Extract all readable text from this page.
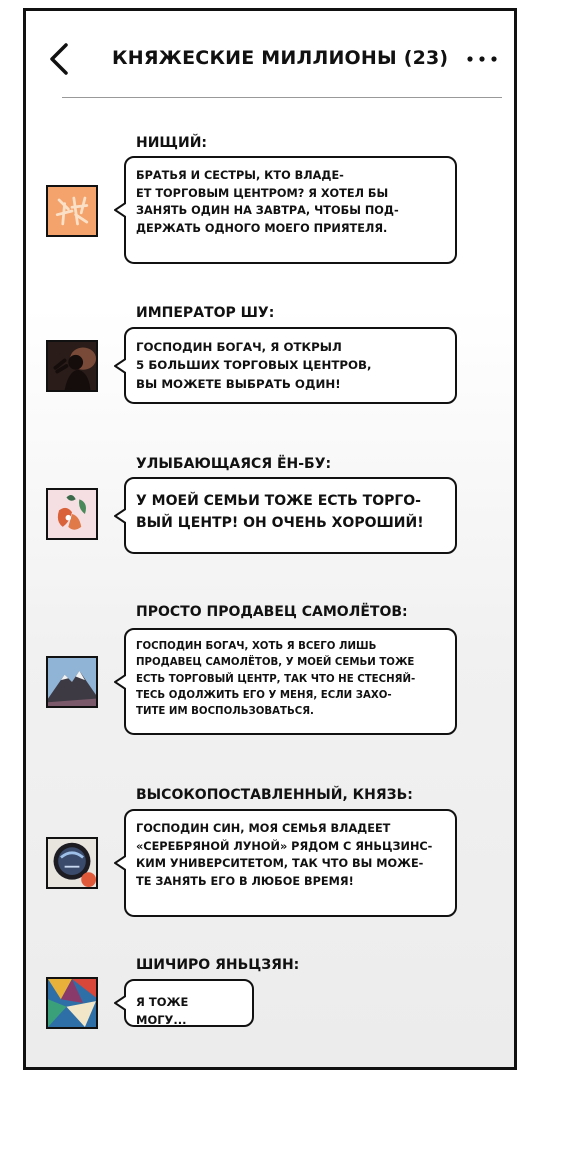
КНЯЖЕСКИЕ МИЛЛИОНЫ (23)
НИЩИЙ:
БРАТЬЯ И СЕСТРЫ, КТО ВЛАДЕ-
ЕТ ТОРГОВЫМ ЦЕНТРОМ? Я ХОТЕЛ БЫ
ЗАНЯТЬ ОДИН НА ЗАВТРА, ЧТОБЫ ПОД-
ДЕРЖАТЬ ОДНОГО МОЕГО ПРИЯТЕЛЯ.
ИМПЕРАТОР ШУ:
ГОСПОДИН БОГАЧ, Я ОТКРЫЛ
5 БОЛЬШИХ ТОРГОВЫХ ЦЕНТРОВ,
ВЫ МОЖЕТЕ ВЫБРАТЬ ОДИН!
УЛЫБАЮЩАЯСЯ ЁН-БУ:
У МОЕЙ СЕМЬИ ТОЖЕ ЕСТЬ ТОРГО-
ВЫЙ ЦЕНТР! ОН ОЧЕНЬ ХОРОШИЙ!
ПРОСТО ПРОДАВЕЦ САМОЛЁТОВ:
ГОСПОДИН БОГАЧ, ХОТЬ Я ВСЕГО ЛИШЬ
ПРОДАВЕЦ САМОЛЁТОВ, У МОЕЙ СЕМЬИ ТОЖЕ
ЕСТЬ ТОРГОВЫЙ ЦЕНТР, ТАК ЧТО НЕ СТЕСНЯЙ-
ТЕСЬ ОДОЛЖИТЬ ЕГО У МЕНЯ, ЕСЛИ ЗАХО-
ТИТЕ ИМ ВОСПОЛЬЗОВАТЬСЯ.
ВЫСОКОПОСТАВЛЕННЫЙ, КНЯЗЬ:
ГОСПОДИН СИН, МОЯ СЕМЬЯ ВЛАДЕЕТ
«СЕРЕБРЯНОЙ ЛУНОЙ» РЯДОМ С ЯНЬЦЗИНС-
КИМ УНИВЕРСИТЕТОМ, ТАК ЧТО ВЫ МОЖЕ-
ТЕ ЗАНЯТЬ ЕГО В ЛЮБОЕ ВРЕМЯ!
ШИЧИРО ЯНЬЦЗЯН:
Я ТОЖЕ МОГУ...
